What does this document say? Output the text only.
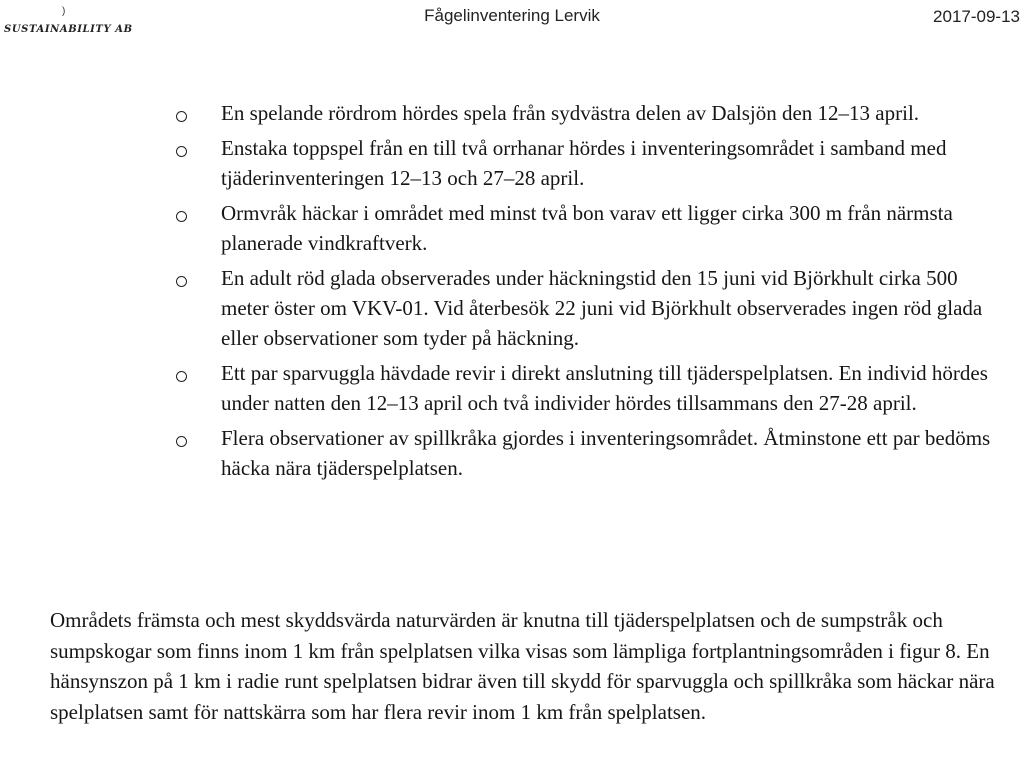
)
SUSTAINABILITY AB
Fågelinventering Lervik	2017-09-13
En spelande rördrom hördes spela från sydvästra delen av Dalsjön den 12–13 april.
Enstaka toppspel från en till två orrhanar hördes i inventeringsområdet i samband med tjäderinventeringen 12–13 och 27–28 april.
Ormvråk häckar i området med minst två bon varav ett ligger cirka 300 m från närmsta planerade vindkraftverk.
En adult röd glada observerades under häckningstid den 15 juni vid Björkhult cirka 500 meter öster om VKV-01. Vid återbesök 22 juni vid Björkhult observerades ingen röd glada eller observationer som tyder på häckning.
Ett par sparvuggla hävdade revir i direkt anslutning till tjäderspelplatsen. En individ hördes under natten den 12–13 april och två individer hördes tillsammans den 27-28 april.
Flera observationer av spillkråka gjordes i inventeringsområdet. Åtminstone ett par bedöms häcka nära tjäderspelplatsen.

Områdets främsta och mest skyddsvärda naturvärden är knutna till tjäderspelplatsen och de sumpstråk och sumpskogar som finns inom 1 km från spelplatsen vilka visas som lämpliga fortplantningsområden i figur 8. En hänsynszon på 1 km i radie runt spelplatsen bidrar även till skydd för sparvuggla och spillkråka som häckar nära spelplatsen samt för nattskärra som har flera revir inom 1 km från spelplatsen.
